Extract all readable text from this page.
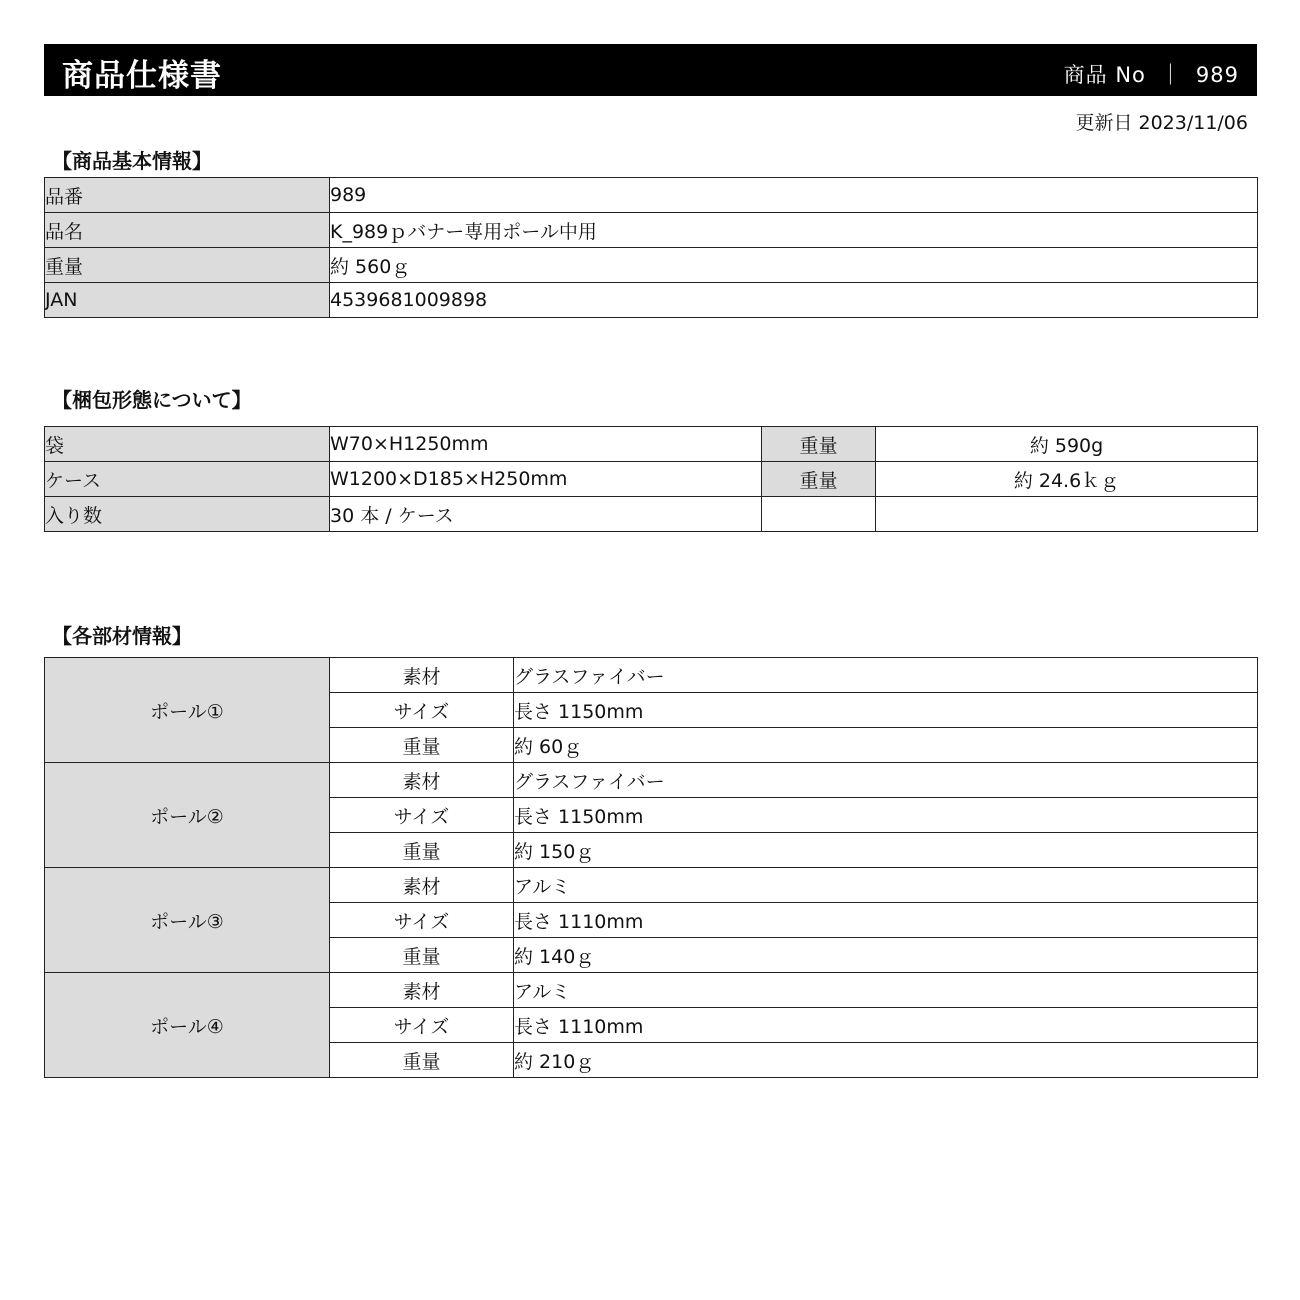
商品仕様書	商品 No ｜ 989
更新日 2023/11/06
【商品基本情報】
品番	989
品名	K_989ｐバナー専用ポール中用
重量	約 560ｇ
JAN	4539681009898
【梱包形態について】
袋	W70×H1250mm	重量	約 590g
ケース	W1200×D185×H250mm	重量	約 24.6ｋｇ
入り数	30 本 / ケース		
【各部材情報】
ポール①	素材	グラスファイバー
	サイズ	長さ 1150mm
	重量	約 60ｇ
ポール②	素材	グラスファイバー
	サイズ	長さ 1150mm
	重量	約 150ｇ
ポール③	素材	アルミ
	サイズ	長さ 1110mm
	重量	約 140ｇ
ポール④	素材	アルミ
	サイズ	長さ 1110mm
	重量	約 210ｇ
